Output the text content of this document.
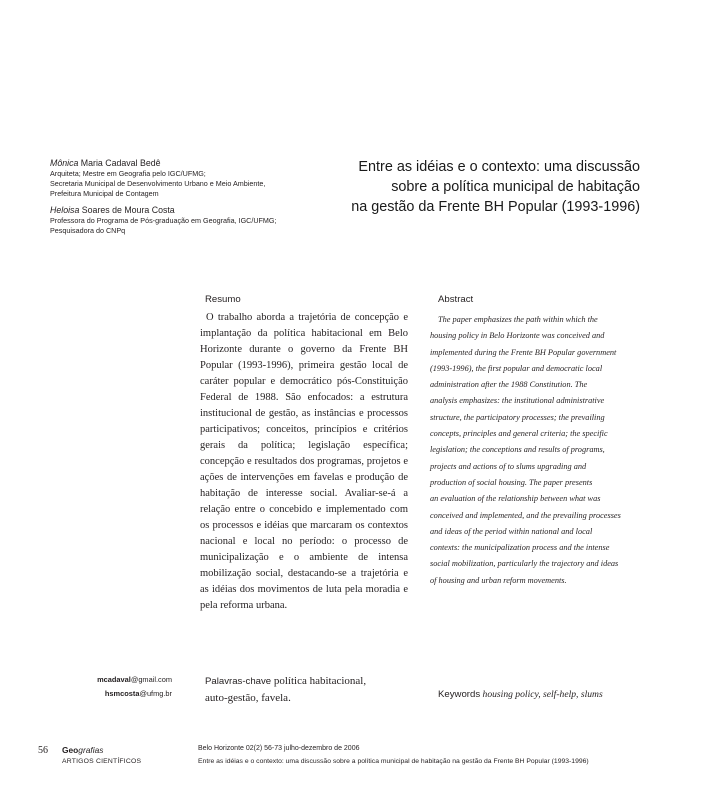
Mônica Maria Cadaval Bedê

Arquiteta; Mestre em Geografia pelo IGC/UFMG;

Secretaria Municipal de Desenvolvimento Urbano e Meio Ambiente,

Prefeitura Municipal de Contagem

Heloisa Soares de Moura Costa

Professora do Programa de Pós-graduação em Geografia, IGC/UFMG;

Pesquisadora do CNPq

Entre as idéias e o contexto: uma discussão
sobre a política municipal de habitação
na gestão da Frente BH Popular (1993-1996)
Resumo
O trabalho aborda a trajetória de concepção e implantação da política habitacional em Belo Horizonte durante o governo da Frente BH Popular (1993-1996), primeira gestão local de caráter popular e democrático pós-Constituição Federal de 1988. São enfocados: a estrutura institucional de gestão, as instâncias e processos participativos; conceitos, princípios e critérios gerais da política; legislação específica; concepção e resultados dos programas, projetos e ações de intervenções em favelas e produção de habitação de interesse social. Avaliar-se-á a relação entre o concebido e implementado com os processos e idéias que marcaram os contextos nacional e local no período: o processo de municipalização e o ambiente de intensa mobilização social, destacando-se a trajetória e as idéias dos movimentos de luta pela moradia e pela reforma urbana.
Abstract
The paper emphasizes the path within which the
housing policy in Belo Horizonte was conceived and
implemented during the Frente BH Popular government
(1993-1996), the first popular and democratic local
administration after the 1988 Constitution. The
analysis emphasizes: the institutional administrative
structure, the participatory processes; the prevailing
concepts, principles and general criteria; the specific
legislation; the conceptions and results of programs,
projects and actions of to slums upgrading and
production of social housing. The paper presents
an evaluation of the relationship between what was
conceived and implemented, and the prevailing processes
and ideas of the period within national and local
contexts: the municipalization process and the intense
social mobilization, particularly the trajectory and ideas
of housing and urban reform movements.
mcadaval@gmail.com
hsmcosta@ufmg.br
Palavras-chave política habitacional,
auto-gestão, favela.	Keywords housing policy, self-help, slums
56 Geografias
ARTIGOS CIENTÍFICOS
Belo Horizonte 02(2) 56-73 julho-dezembro de 2006
Entre as idéias e o contexto: uma discussão sobre a política municipal de habitação na gestão da Frente BH Popular (1993-1996)
